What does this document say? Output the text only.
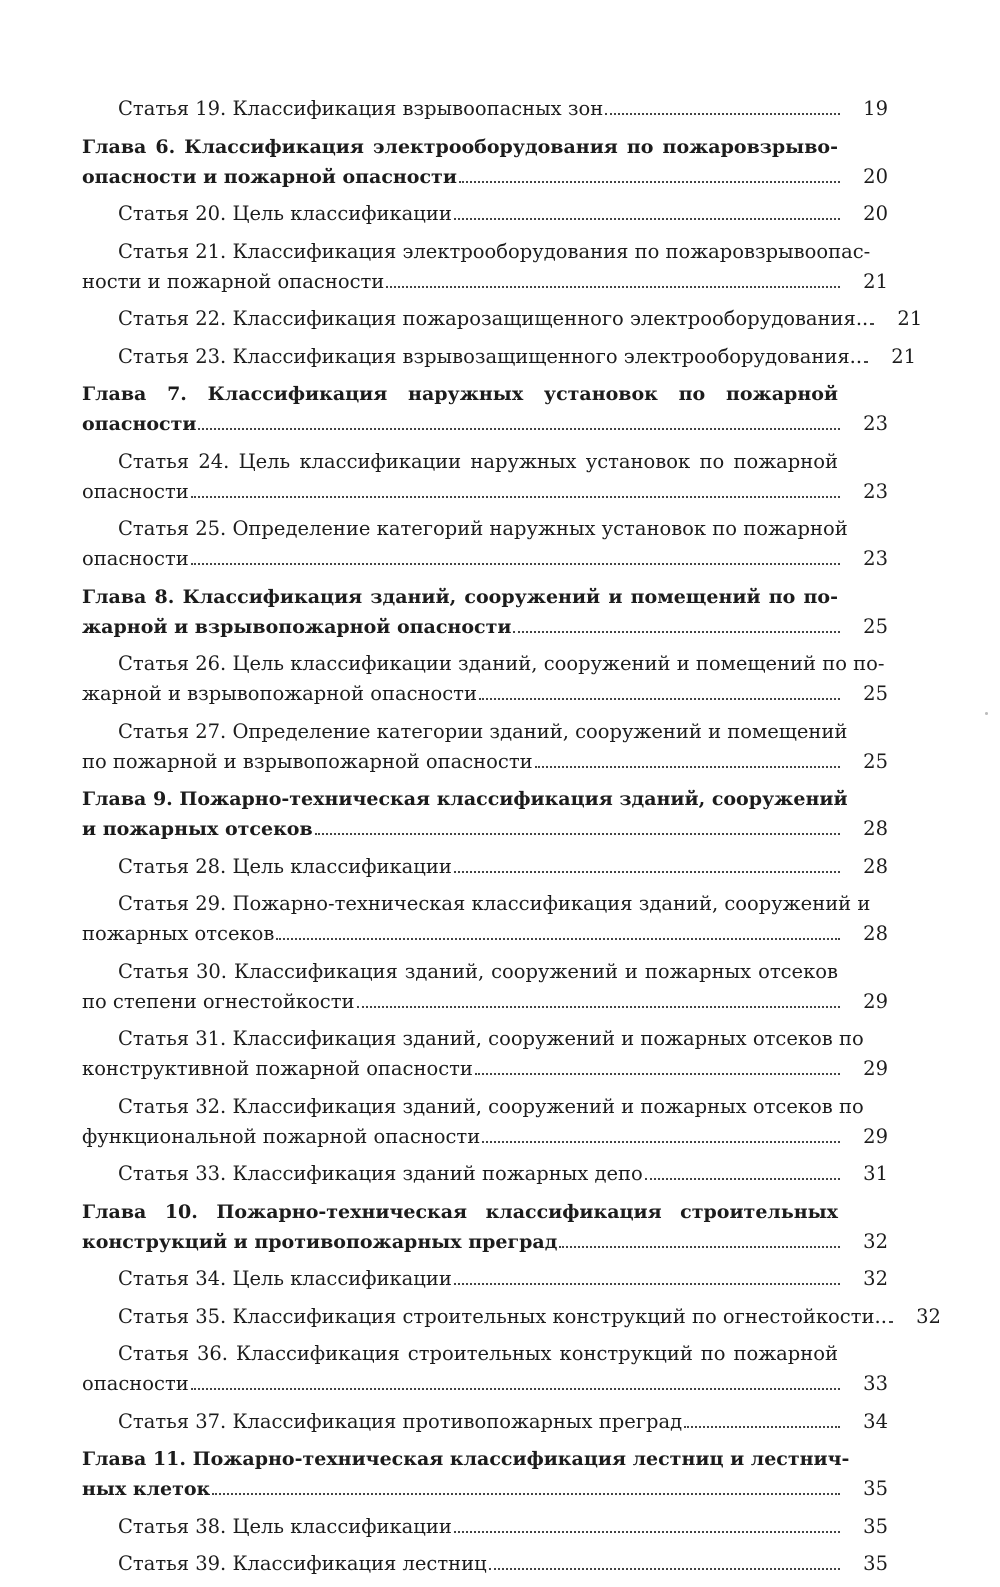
Статья 19. Классификация взрывоопасных зон	19
Глава 6. Классификация электрооборудования по пожаровзрыво-
опасности и пожарной опасности	20
Статья 20. Цель классификации	20
Статья 21. Классификация электрооборудования по пожаровзрывоопас-
ности и пожарной опасности	21
Статья 22. Классификация пожарозащищенного электрооборудования..	21
Статья 23. Классификация взрывозащищенного электрооборудования..	21
Глава 7. Классификация наружных установок по пожарной
опасности	23
Статья 24. Цель классификации наружных установок по пожарной
опасности	23
Статья 25. Определение категорий наружных установок по пожарной
опасности	23
Глава 8. Классификация зданий, сооружений и помещений по по-
жарной и взрывопожарной опасности	25
Статья 26. Цель классификации зданий, сооружений и помещений по по-
жарной и взрывопожарной опасности	25
Статья 27. Определение категории зданий, сооружений и помещений
по пожарной и взрывопожарной опасности	25
Глава 9. Пожарно-техническая классификация зданий, сооружений
и пожарных отсеков	28
Статья 28. Цель классификации	28
Статья 29. Пожарно-техническая классификация зданий, сооружений и
пожарных отсеков	28
Статья 30. Классификация зданий, сооружений и пожарных отсеков
по степени огнестойкости	29
Статья 31. Классификация зданий, сооружений и пожарных отсеков по
конструктивной пожарной опасности	29
Статья 32. Классификация зданий, сооружений и пожарных отсеков по
функциональной пожарной опасности	29
Статья 33. Классификация зданий пожарных депо	31
Глава 10. Пожарно-техническая классификация строительных
конструкций и противопожарных преград	32
Статья 34. Цель классификации	32
Статья 35. Классификация строительных конструкций по огнестойкости..	32
Статья 36. Классификация строительных конструкций по пожарной
опасности	33
Статья 37. Классификация противопожарных преград	34
Глава 11. Пожарно-техническая классификация лестниц и лестнич-
ных клеток	35
Статья 38. Цель классификации	35
Статья 39. Классификация лестниц	35
